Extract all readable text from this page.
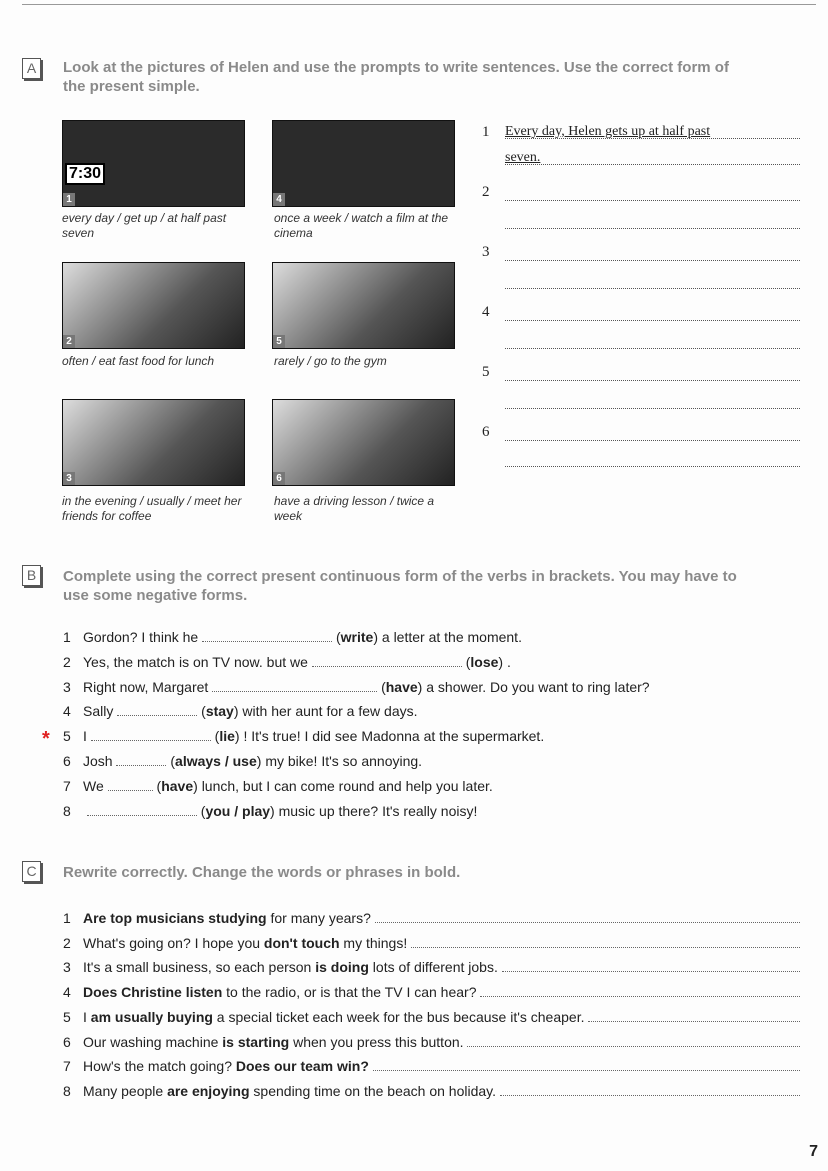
A	Look at the pictures of Helen and use the prompts to write sentences. Use the correct form of the present simple.
7:30
1
every day / get up / at half past seven
4
once a week / watch a film at the cinema
2
often / eat fast food for lunch
5
rarely / go to the gym
3
in the evening / usually / meet her friends for coffee
6
have a driving lesson / twice a week
1 Every day, Helen gets up at half past
seven.
2
3
4
5
6
B	Complete using the correct present continuous form of the verbs in brackets. You may have to use some negative forms.
*
1 Gordon? I think he	(write) a letter at the moment.
2 Yes, the match is on TV now. but we	(lose) .
3 Right now, Margaret	(have) a shower. Do you want to ring later?
4 Sally	(stay) with her aunt for a few days.
5 I	(lie) ! It's true! I did see Madonna at the supermarket.
6 Josh	(always / use) my bike! It's so annoying.
7 We	(have) lunch, but I can come round and help you later.
8	(you / play) music up there? It's really noisy!
C Rewrite correctly. Change the words or phrases in bold.
1 Are top musicians studying for many years?
2 What's going on? I hope you don't touch my things!
3 It's a small business, so each person is doing lots of different jobs.
4 Does Christine listen to the radio, or is that the TV I can hear?
5 I am usually buying a special ticket each week for the bus because it's cheaper.
6 Our washing machine is starting when you press this button.
7 How's the match going? Does our team win?
8 Many people are enjoying spending time on the beach on holiday.
7
